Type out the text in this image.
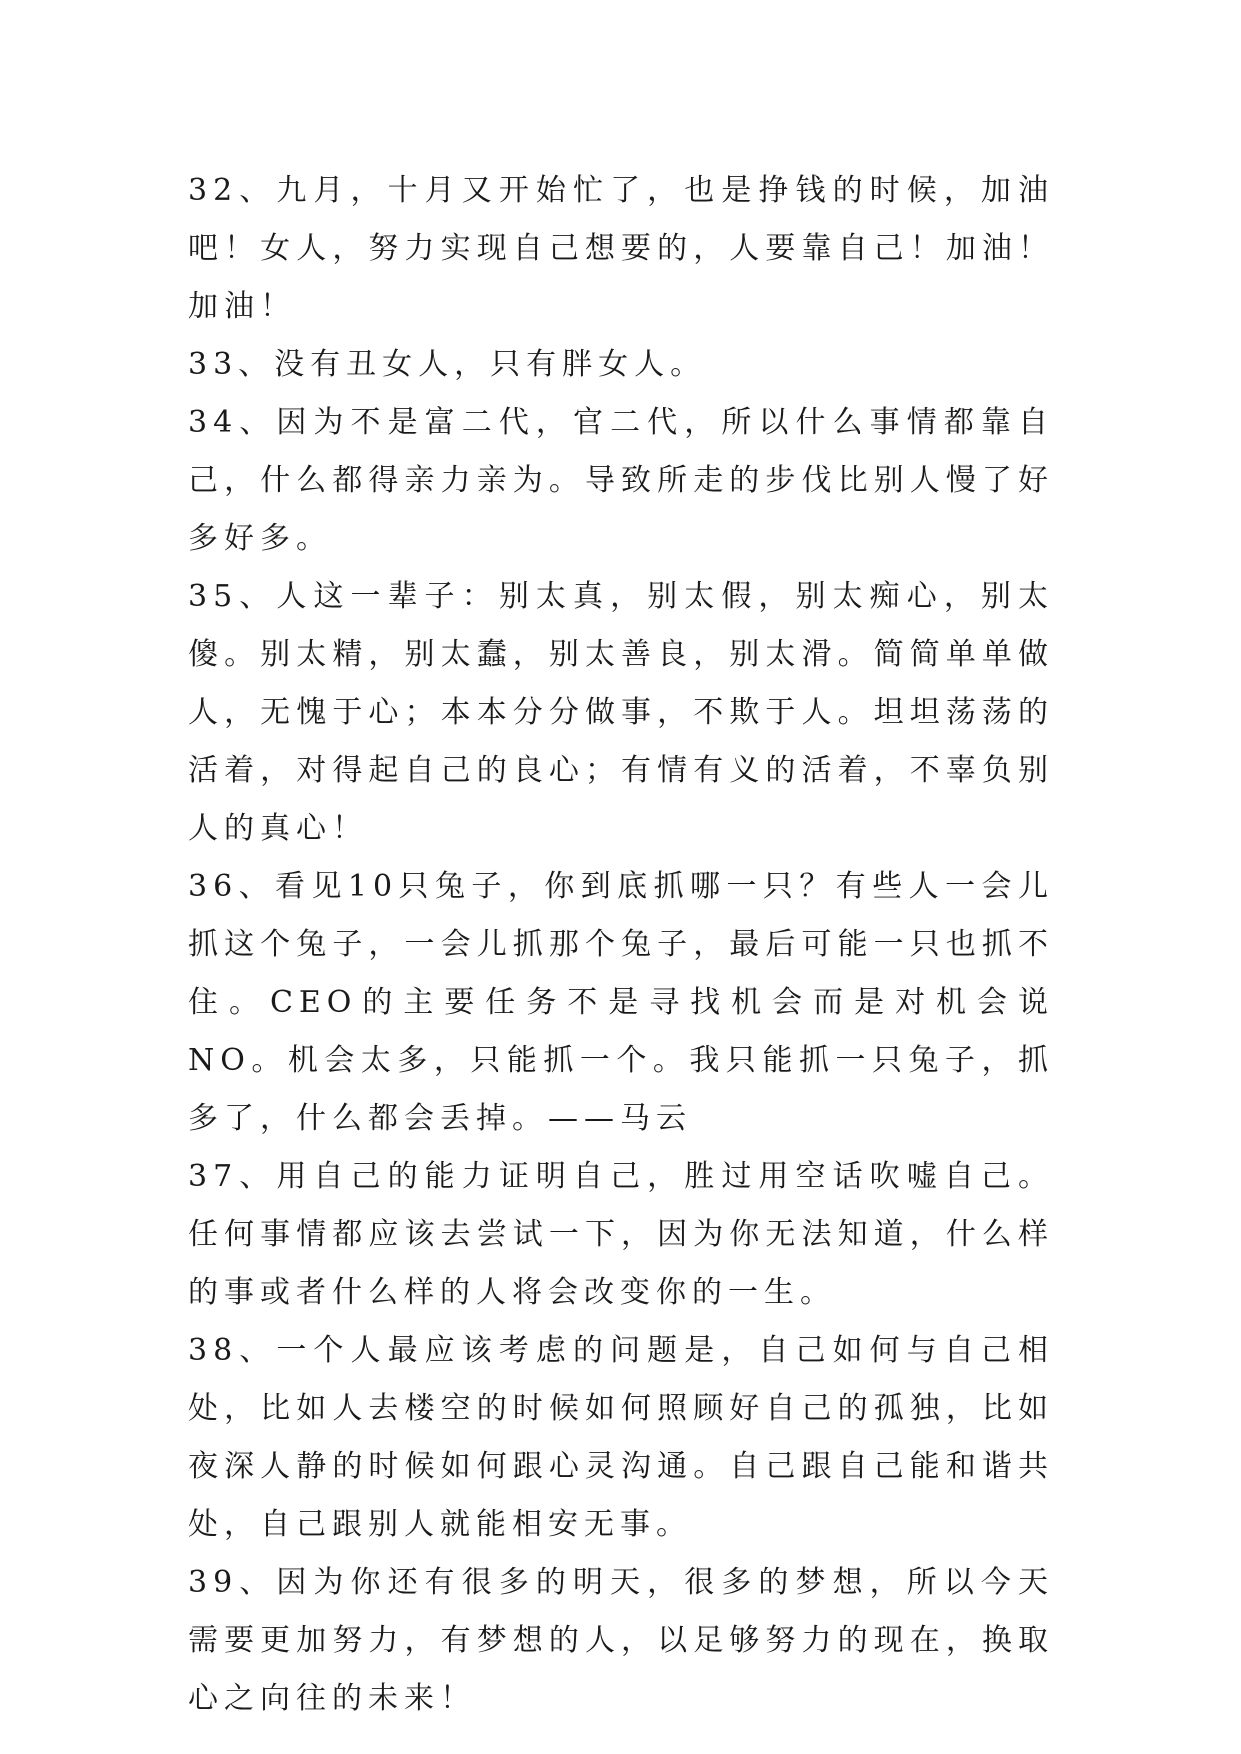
32、九月，十月又开始忙了，也是挣钱的时候，加油吧！女人，努力实现自己想要的，人要靠自己！加油！加油！

33、没有丑女人，只有胖女人。

34、因为不是富二代，官二代，所以什么事情都靠自己，什么都得亲力亲为。导致所走的步伐比别人慢了好多好多。

35、人这一辈子：别太真，别太假，别太痴心，别太傻。别太精，别太蠢，别太善良，别太滑。简简单单做人，无愧于心；本本分分做事，不欺于人。坦坦荡荡的活着，对得起自己的良心；有情有义的活着，不辜负别人的真心！

36、看见10只兔子，你到底抓哪一只？有些人一会儿抓这个兔子，一会儿抓那个兔子，最后可能一只也抓不住。CEO的主要任务不是寻找机会而是对机会说NO。机会太多，只能抓一个。我只能抓一只兔子，抓多了，什么都会丢掉。——马云

37、用自己的能力证明自己，胜过用空话吹嘘自己。任何事情都应该去尝试一下，因为你无法知道，什么样的事或者什么样的人将会改变你的一生。

38、一个人最应该考虑的问题是，自己如何与自己相处，比如人去楼空的时候如何照顾好自己的孤独，比如夜深人静的时候如何跟心灵沟通。自己跟自己能和谐共处，自己跟别人就能相安无事。

39、因为你还有很多的明天，很多的梦想，所以今天需要更加努力，有梦想的人，以足够努力的现在，换取心之向往的未来！
